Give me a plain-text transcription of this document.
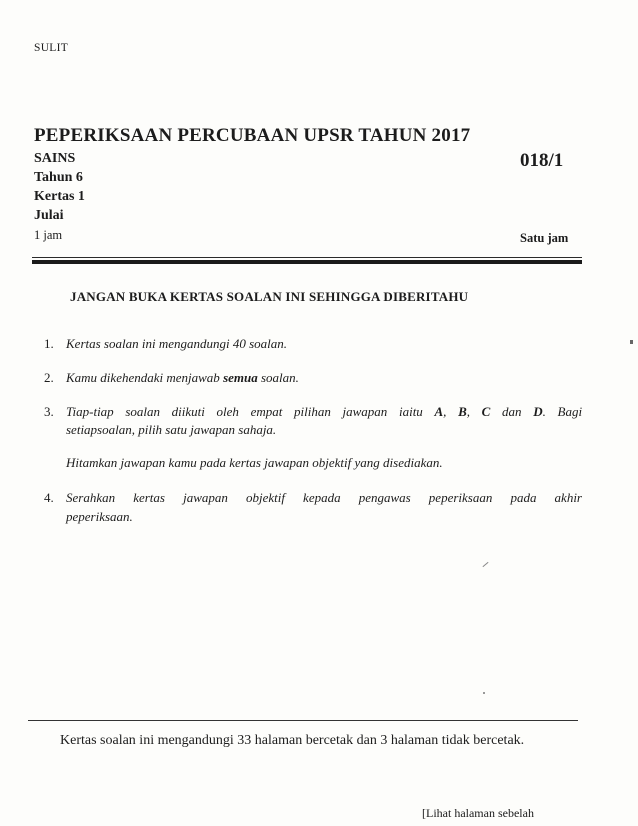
SULIT
PEPERIKSAAN PERCUBAAN UPSR TAHUN 2017
SAINS
Tahun 6
Kertas 1
Julai
1 jam
018/1
Satu jam
JANGAN BUKA KERTAS SOALAN INI SEHINGGA DIBERITAHU
1. Kertas soalan ini mengandungi 40 soalan.
2. Kamu dikehendaki menjawab semua soalan.
3. Tiap-tiap soalan diikuti oleh empat pilihan jawapan iaitu A, B, C dan D. Bagi
setiapsoalan, pilih satu jawapan sahaja.
Hitamkan jawapan kamu pada kertas jawapan objektif yang disediakan.
4. Serahkan kertas jawapan objektif kepada pengawas peperiksaan pada akhir
peperiksaan.
Kertas soalan ini mengandungi 33 halaman bercetak dan 3 halaman tidak bercetak.
[Lihat halaman sebelah
